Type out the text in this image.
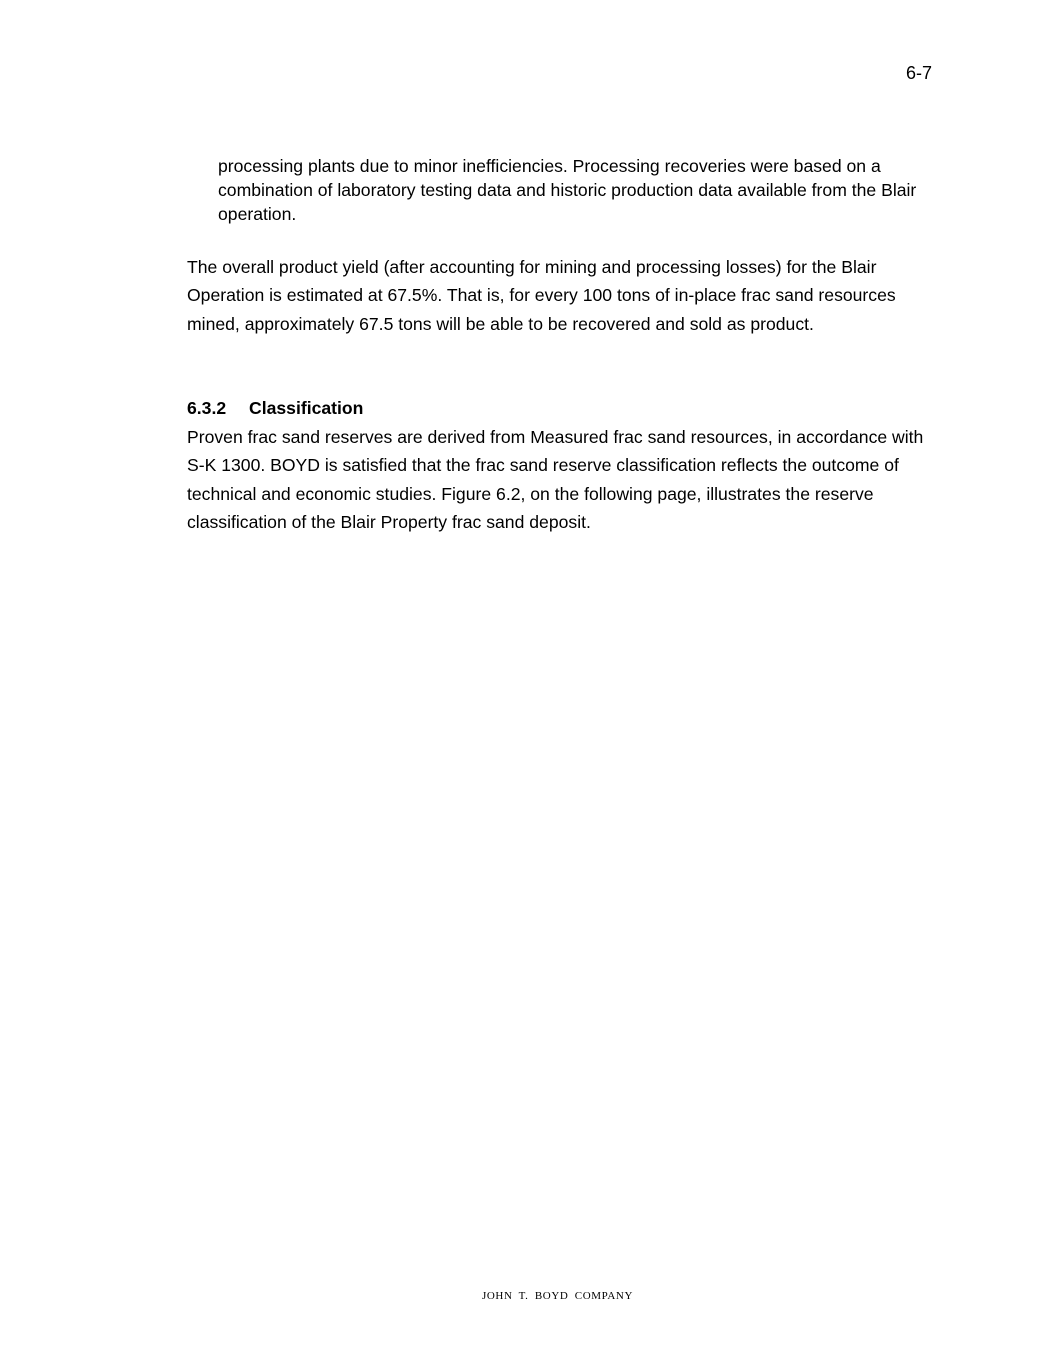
6-7

processing plants due to minor inefficiencies. Processing recoveries were based on a combination of laboratory testing data and historic production data available from the Blair operation.

The overall product yield (after accounting for mining and processing losses) for the Blair Operation is estimated at 67.5%. That is, for every 100 tons of in-place frac sand resources mined, approximately 67.5 tons will be able to be recovered and sold as product.

6.3.2 Classification

Proven frac sand reserves are derived from Measured frac sand resources, in accordance with S-K 1300. BOYD is satisfied that the frac sand reserve classification reflects the outcome of technical and economic studies. Figure 6.2, on the following page, illustrates the reserve classification of the Blair Property frac sand deposit.

JOHN T. BOYD COMPANY
